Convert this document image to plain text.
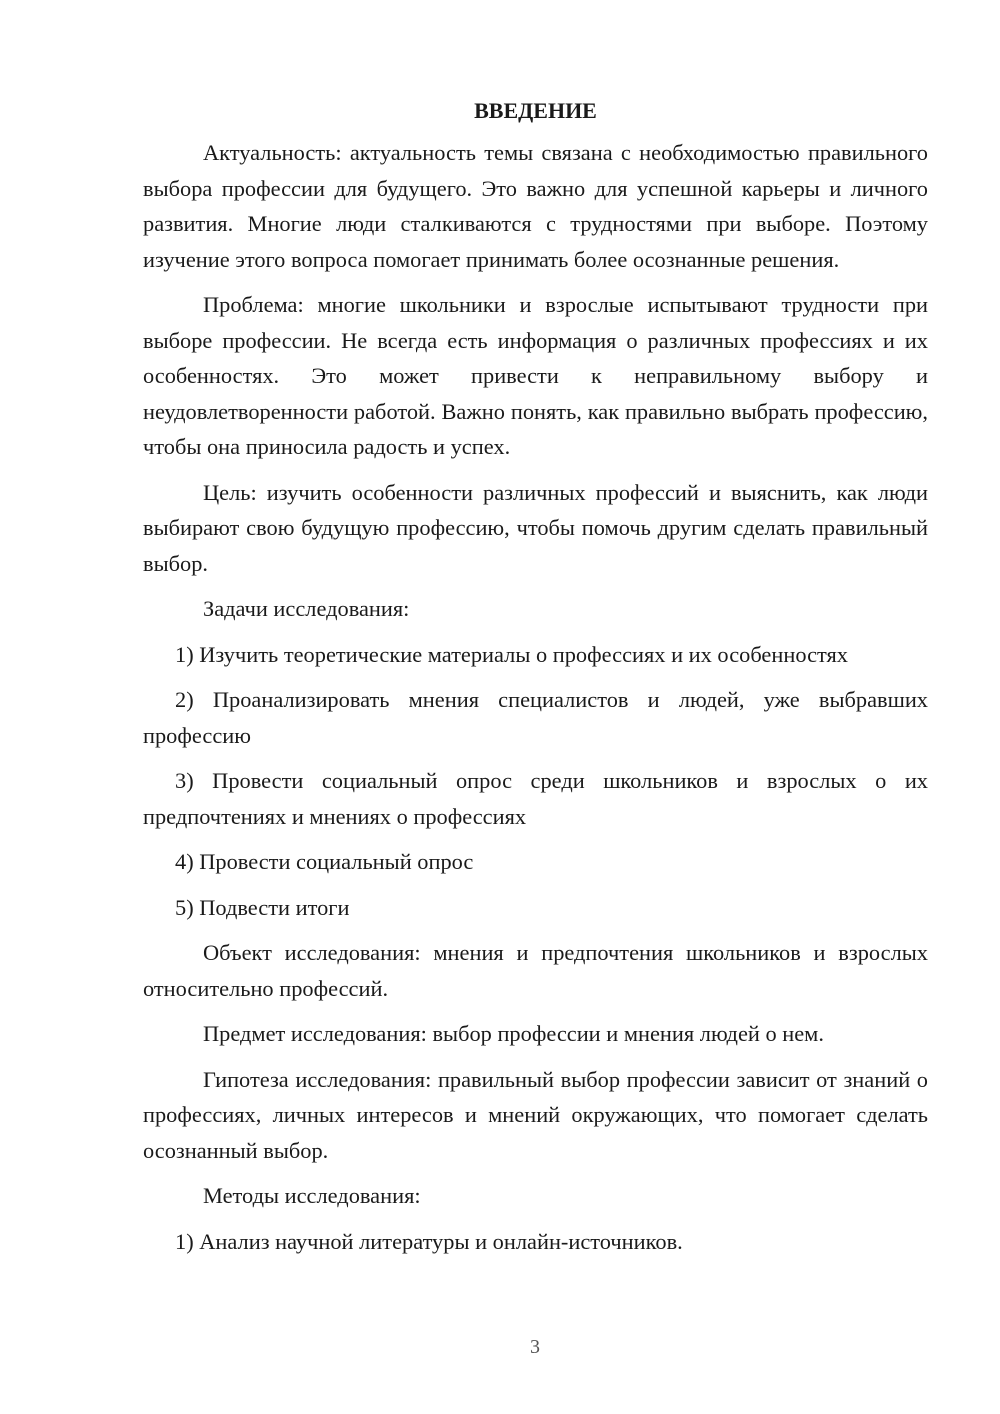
ВВЕДЕНИЕ

Актуальность: актуальность темы связана с необходимостью правильного выбора профессии для будущего. Это важно для успешной карьеры и личного развития. Многие люди сталкиваются с трудностями при выборе. Поэтому изучение этого вопроса помогает принимать более осознанные решения.

Проблема: многие школьники и взрослые испытывают трудности при выборе профессии. Не всегда есть информация о различных профессиях и их особенностях. Это может привести к неправильному выбору и неудовлетворенности работой. Важно понять, как правильно выбрать профессию, чтобы она приносила радость и успех.

Цель: изучить особенности различных профессий и выяснить, как люди выбирают свою будущую профессию, чтобы помочь другим сделать правильный выбор.

Задачи исследования:

1) Изучить теоретические материалы о профессиях и их особенностях

2) Проанализировать мнения специалистов и людей, уже выбравших профессию

3) Провести социальный опрос среди школьников и взрослых о их предпочтениях и мнениях о профессиях

4) Провести социальный опрос

5) Подвести итоги

Объект исследования: мнения и предпочтения школьников и взрослых относительно профессий.

Предмет исследования: выбор профессии и мнения людей о нем.

Гипотеза исследования: правильный выбор профессии зависит от знаний о профессиях, личных интересов и мнений окружающих, что помогает сделать осознанный выбор.

Методы исследования:

1) Анализ научной литературы и онлайн-источников.

3
